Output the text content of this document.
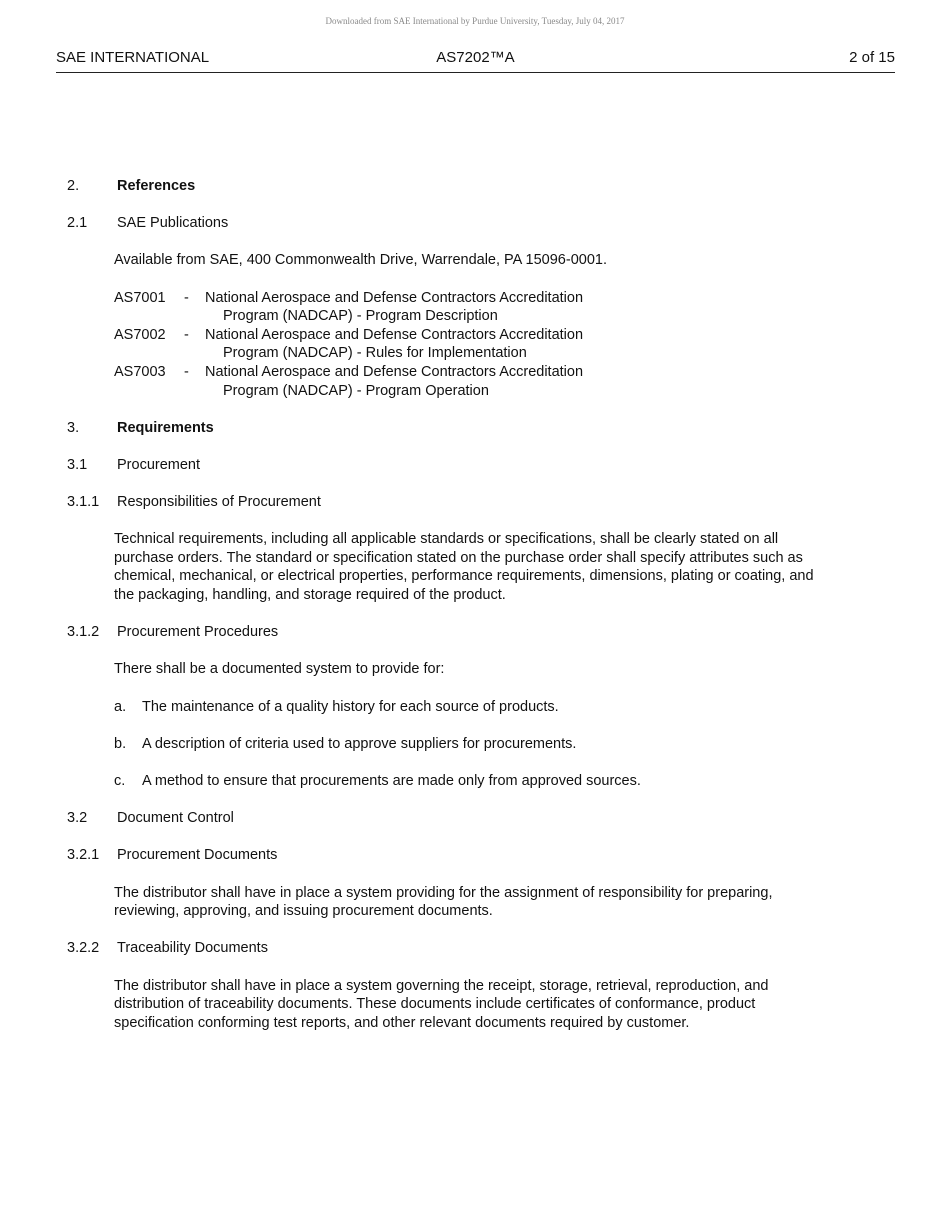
Downloaded from SAE International by Purdue University, Tuesday, July 04, 2017
SAE INTERNATIONAL	AS7202™A	2 of 15
2.	References
2.1 SAE Publications
Available from SAE, 400 Commonwealth Drive, Warrendale, PA 15096-0001.
AS7001 - National Aerospace and Defense Contractors Accreditation
Program (NADCAP) - Program Description
AS7002 - National Aerospace and Defense Contractors Accreditation
Program (NADCAP) - Rules for Implementation
AS7003 - National Aerospace and Defense Contractors Accreditation
Program (NADCAP) - Program Operation
3.	Requirements
3.1 Procurement
3.1.1 Responsibilities of Procurement
Technical requirements, including all applicable standards or specifications, shall be clearly stated on all purchase orders. The standard or specification stated on the purchase order shall specify attributes such as chemical, mechanical, or electrical properties, performance requirements, dimensions, plating or coating, and the packaging, handling, and storage required of the product.
3.1.2 Procurement Procedures
There shall be a documented system to provide for:
a. The maintenance of a quality history for each source of products.
b. A description of criteria used to approve suppliers for procurements.
c. A method to ensure that procurements are made only from approved sources.
3.2 Document Control
3.2.1 Procurement Documents
The distributor shall have in place a system providing for the assignment of responsibility for preparing, reviewing, approving, and issuing procurement documents.
3.2.2 Traceability Documents
The distributor shall have in place a system governing the receipt, storage, retrieval, reproduction, and distribution of traceability documents. These documents include certificates of conformance, product specification conforming test reports, and other relevant documents required by customer.
